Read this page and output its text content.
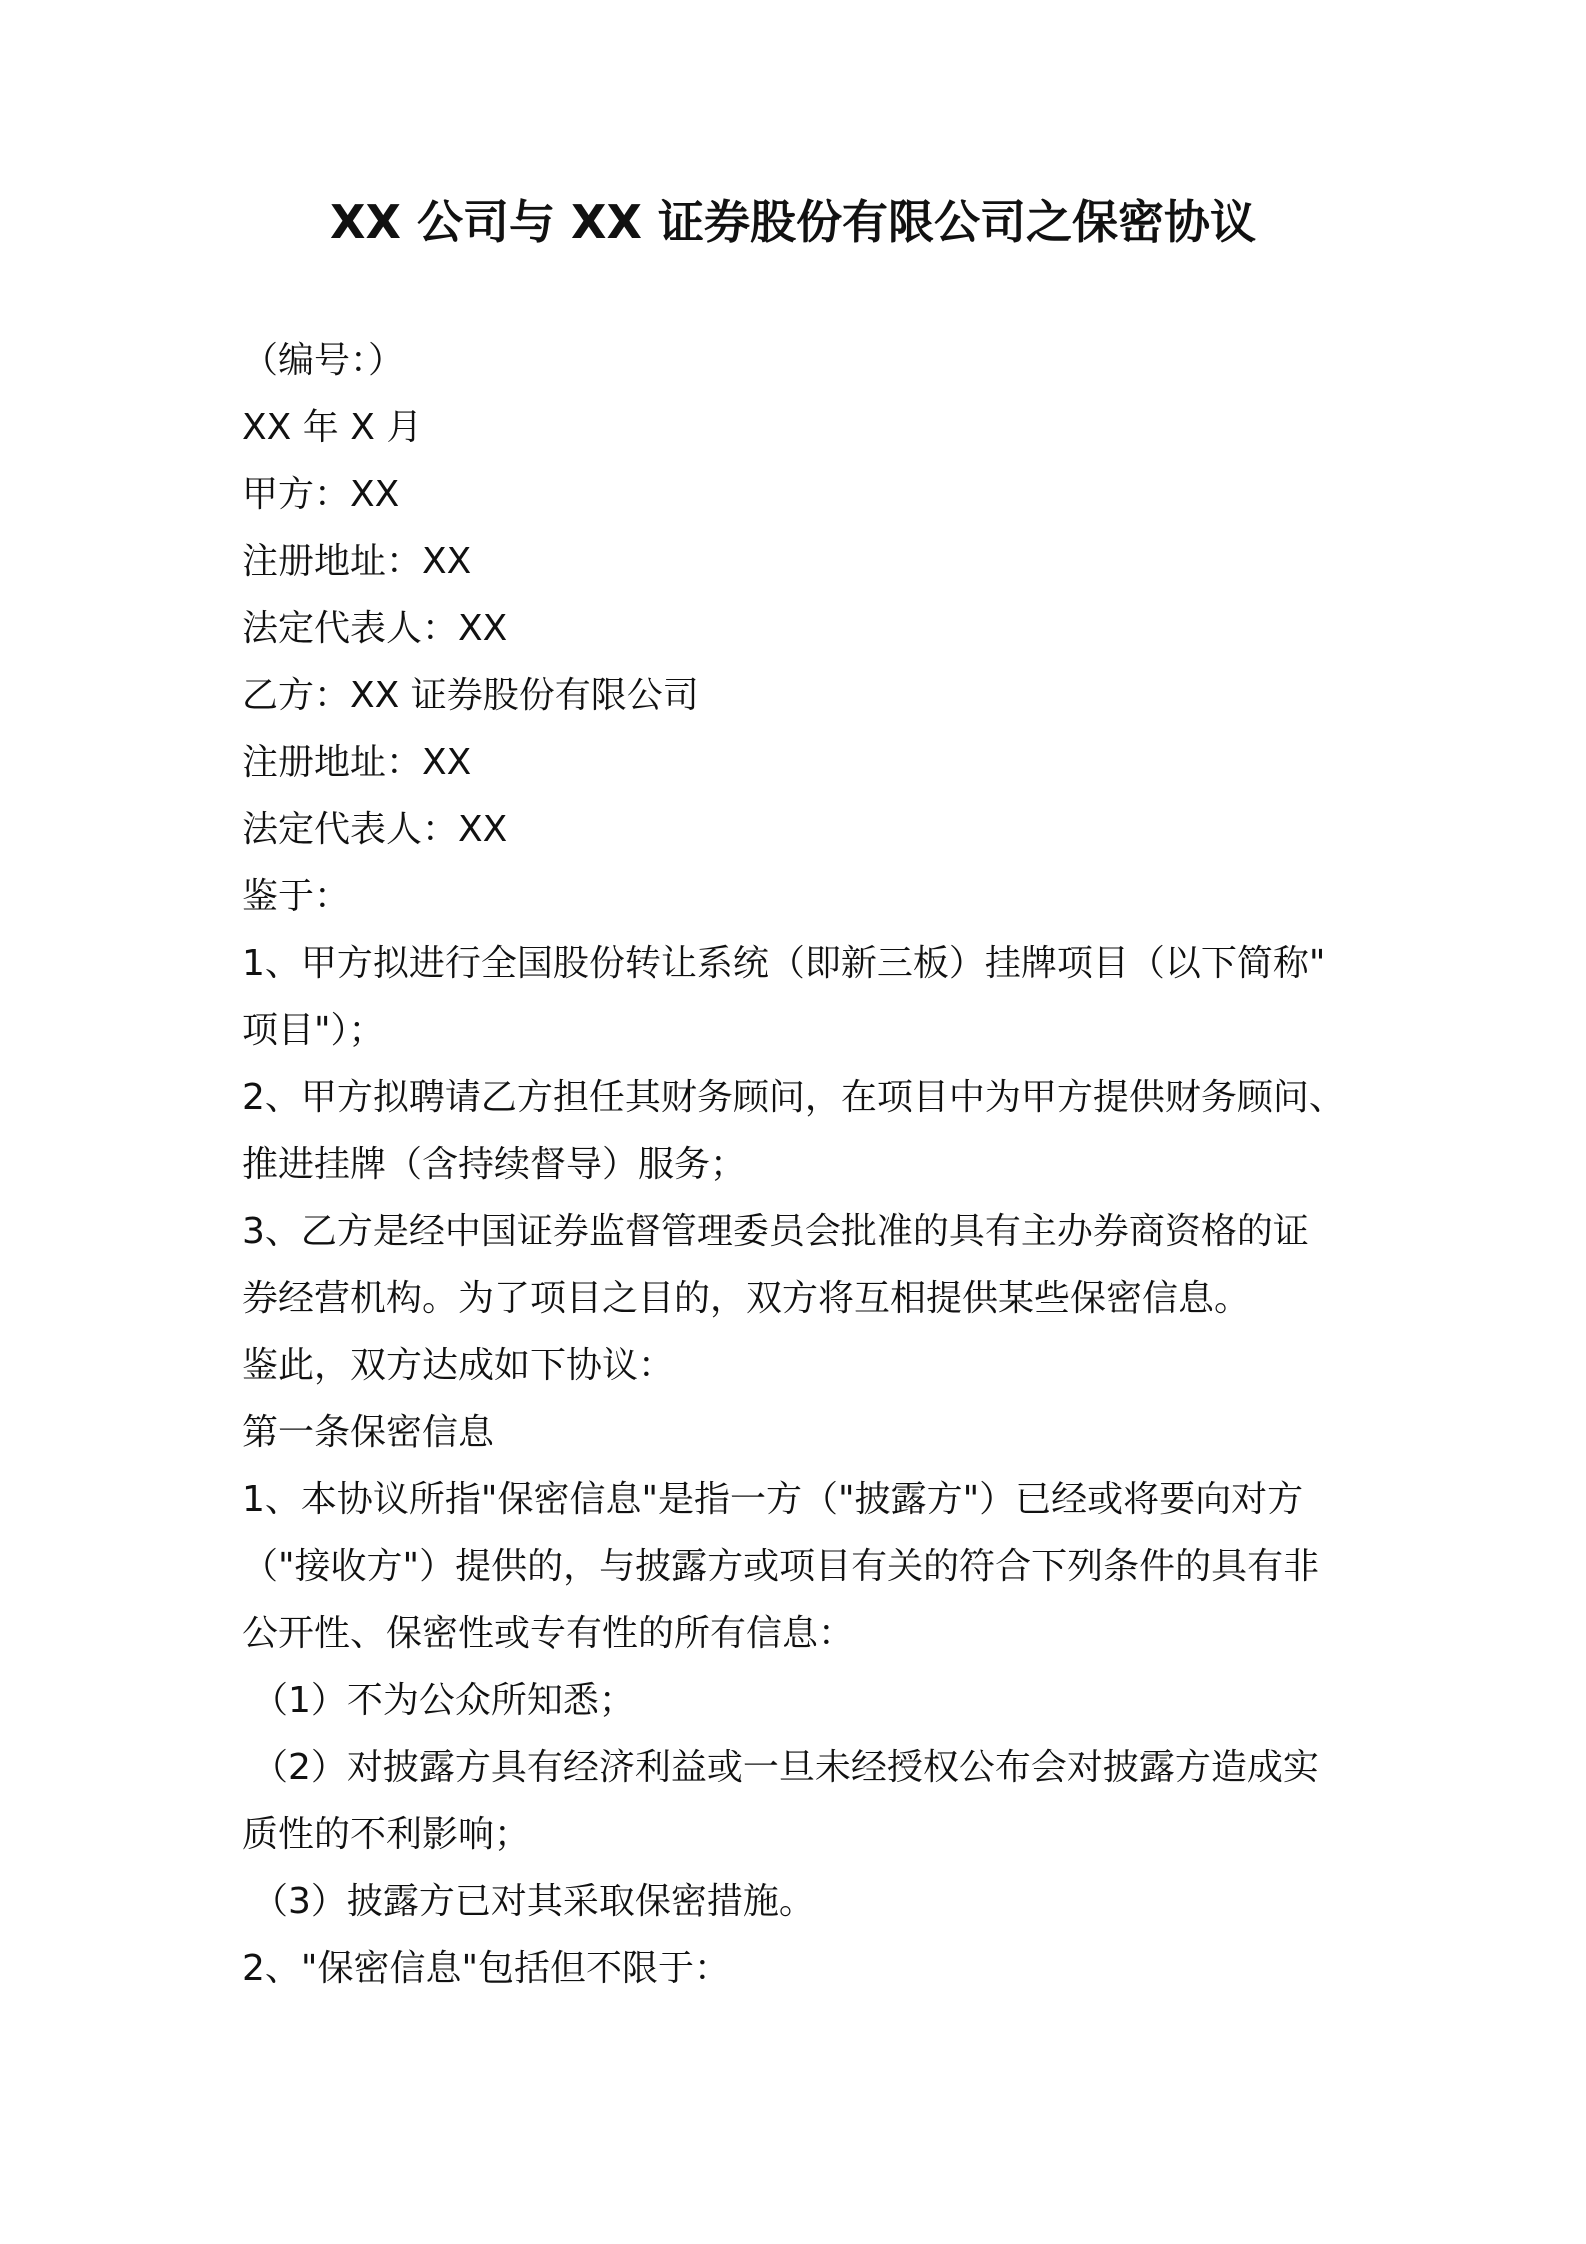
XX 公司与 XX 证券股份有限公司之保密协议
（编号：）
XX 年 X 月
甲方：XX
注册地址：XX
法定代表人：XX
乙方：XX 证券股份有限公司
注册地址：XX
法定代表人：XX
鉴于：
1、甲方拟进行全国股份转让系统（即新三板）挂牌项目（以下简称"
项目"）；
2、甲方拟聘请乙方担任其财务顾问，在项目中为甲方提供财务顾问、
推进挂牌（含持续督导）服务；
3、乙方是经中国证券监督管理委员会批准的具有主办券商资格的证
券经营机构。为了项目之目的，双方将互相提供某些保密信息。
鉴此，双方达成如下协议：
第一条保密信息
1、本协议所指"保密信息"是指一方（"披露方"）已经或将要向对方
（"接收方"）提供的，与披露方或项目有关的符合下列条件的具有非
公开性、保密性或专有性的所有信息：
（1）不为公众所知悉；
（2）对披露方具有经济利益或一旦未经授权公布会对披露方造成实
质性的不利影响；
（3）披露方已对其采取保密措施。
2、"保密信息"包括但不限于：
